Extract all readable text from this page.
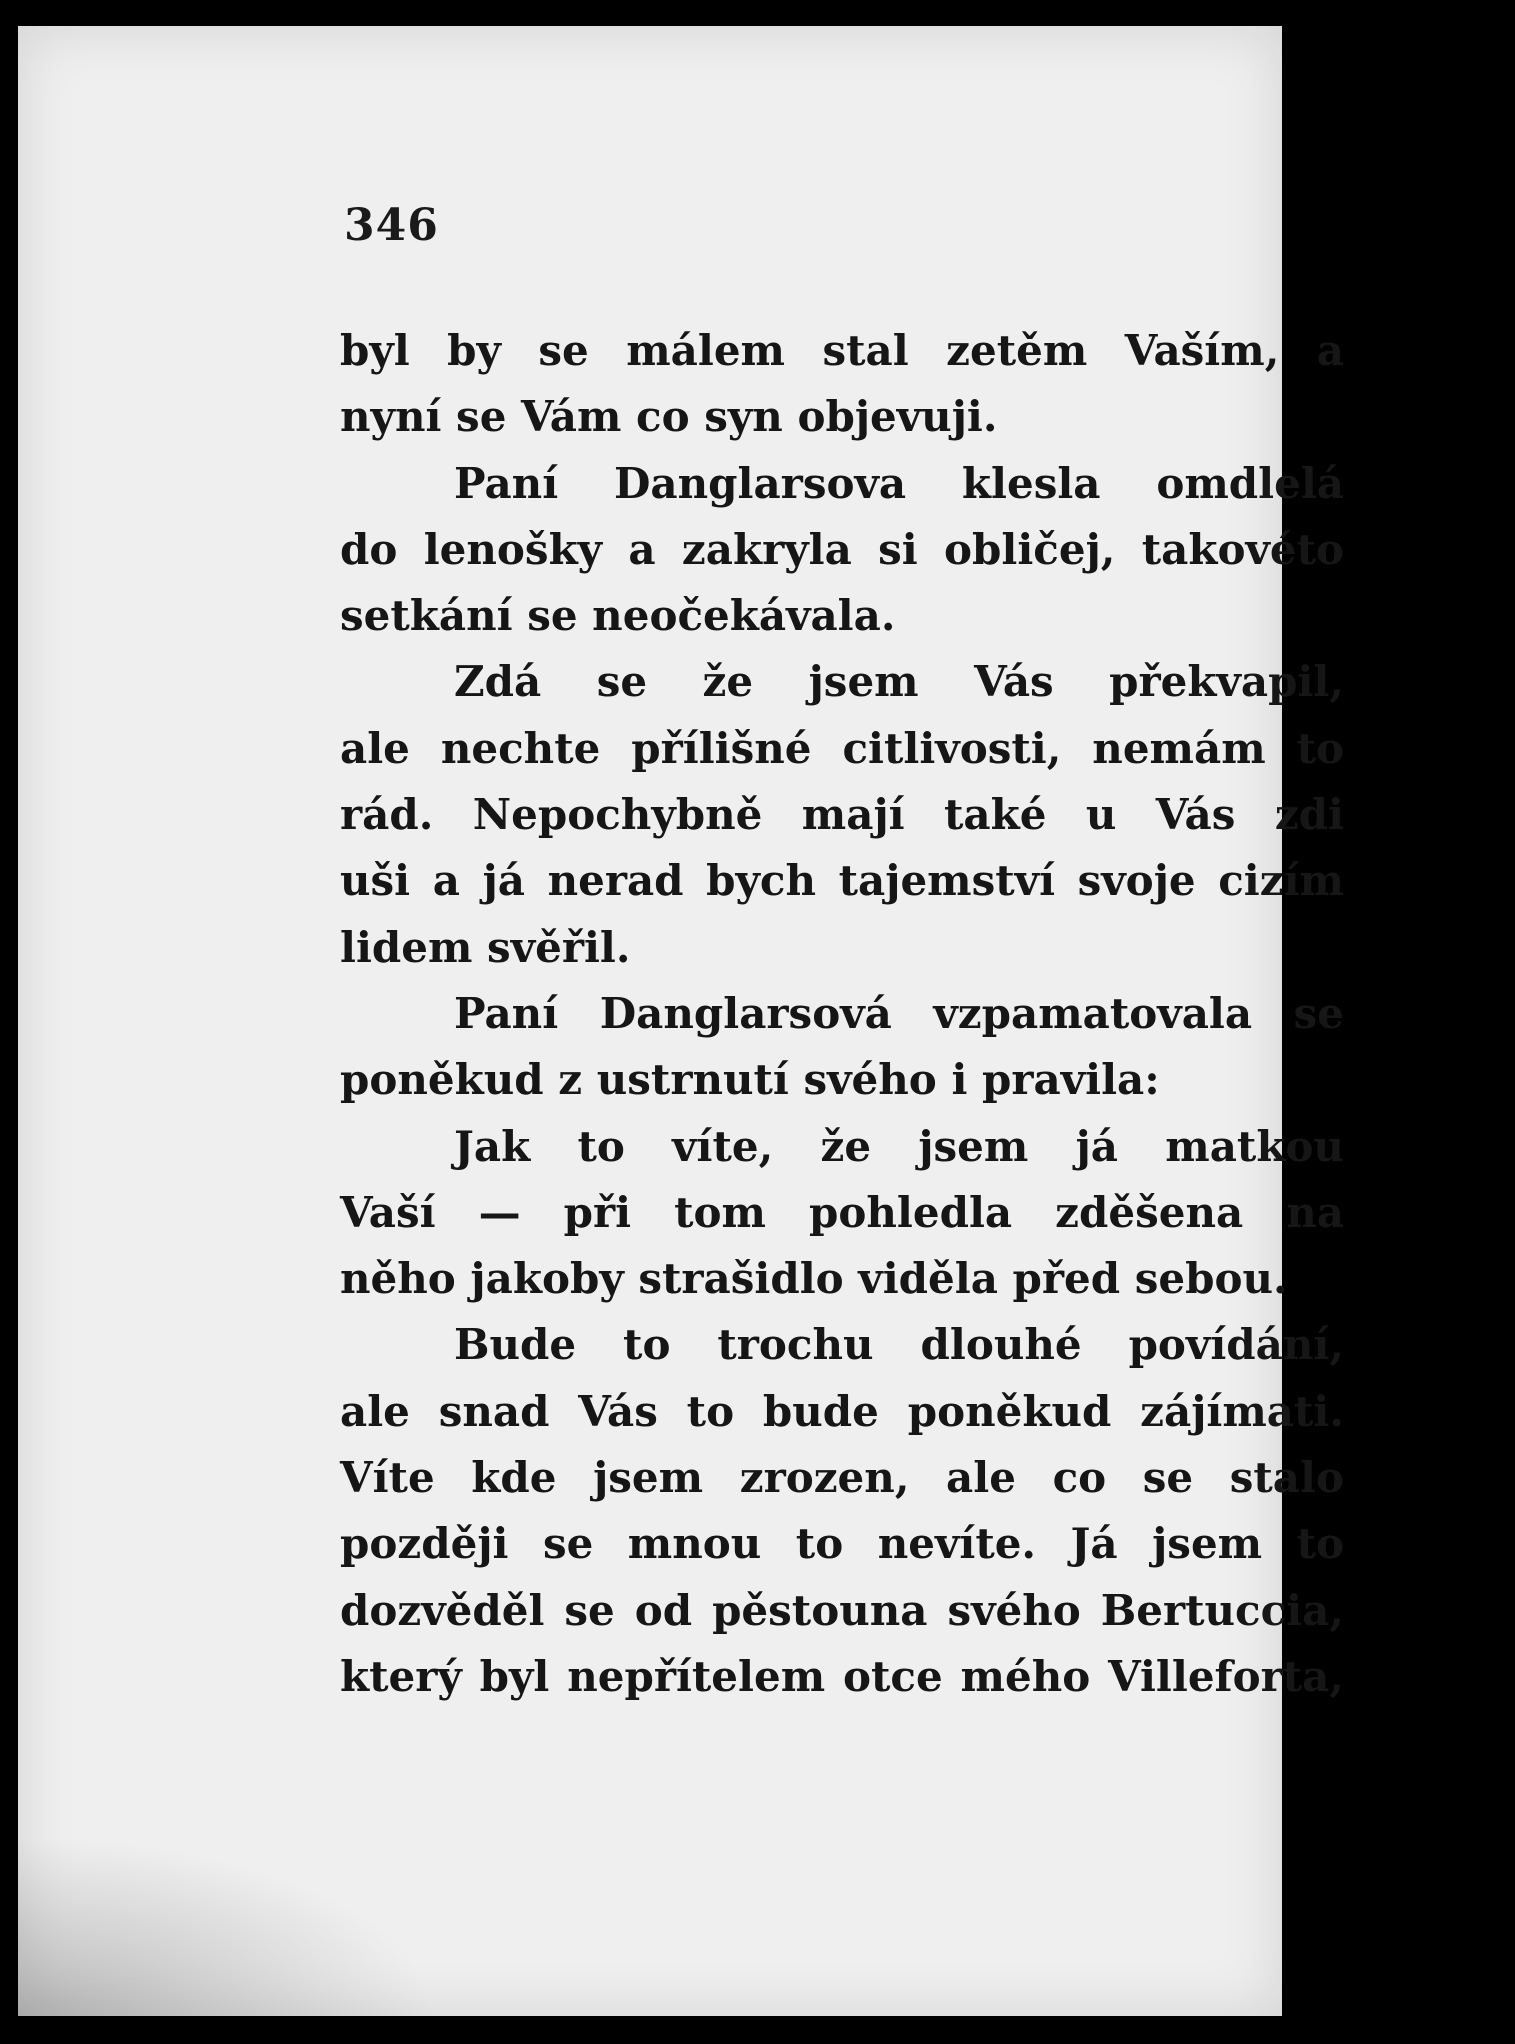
346
byl by se málem stal zetěm Vaším, a
nyní se Vám co syn objevuji.
Paní Danglarsova klesla omdlelá
do lenošky a zakryla si obličej, takovéto
setkání se neočekávala.
Zdá se že jsem Vás překvapil,
ale nechte přílišné citlivosti, nemám to
rád. Nepochybně mají také u Vás zdi
uši a já nerad bych tajemství svoje cizím
lidem svěřil.
Paní Danglarsová vzpamatovala se
poněkud z ustrnutí svého i pravila:
Jak to víte, že jsem já matkou
Vaší — při tom pohledla zděšena na
něho jakoby strašidlo viděla před sebou.
Bude to trochu dlouhé povídání,
ale snad Vás to bude poněkud zájímati.
Víte kde jsem zrozen, ale co se stalo
později se mnou to nevíte. Já jsem to
dozvěděl se od pěstouna svého Bertuccia,
který byl nepřítelem otce mého Villeforta,
